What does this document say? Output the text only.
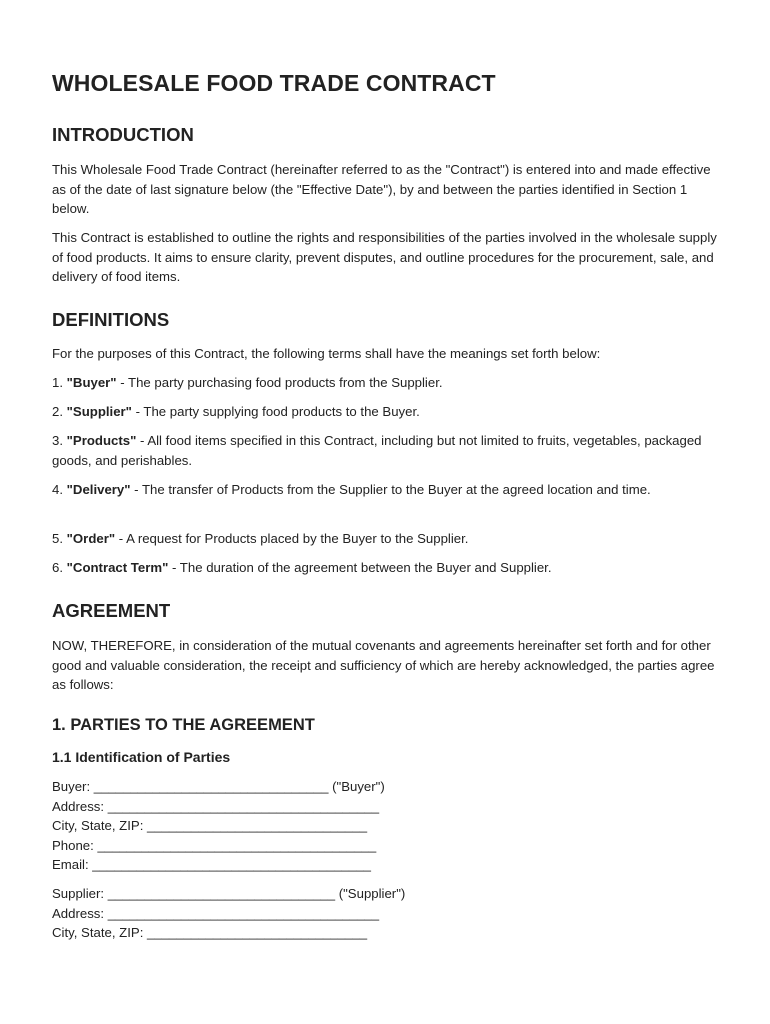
WHOLESALE FOOD TRADE CONTRACT
INTRODUCTION

This Wholesale Food Trade Contract (hereinafter referred to as the "Contract") is entered into and made effective as of the date of last signature below (the "Effective Date"), by and between the parties identified in Section 1 below.

This Contract is established to outline the rights and responsibilities of the parties involved in the wholesale supply of food products. It aims to ensure clarity, prevent disputes, and outline procedures for the procurement, sale, and delivery of food items.

DEFINITIONS

For the purposes of this Contract, the following terms shall have the meanings set forth below:

1. "Buyer" - The party purchasing food products from the Supplier.

2. "Supplier" - The party supplying food products to the Buyer.

3. "Products" - All food items specified in this Contract, including but not limited to fruits, vegetables, packaged goods, and perishables.

4. "Delivery" - The transfer of Products from the Supplier to the Buyer at the agreed location and time.

5. "Order" - A request for Products placed by the Buyer to the Supplier.

6. "Contract Term" - The duration of the agreement between the Buyer and Supplier.

AGREEMENT

NOW, THEREFORE, in consideration of the mutual covenants and agreements hereinafter set forth and for other good and valuable consideration, the receipt and sufficiency of which are hereby acknowledged, the parties agree as follows:

1. PARTIES TO THE AGREEMENT
1.1 Identification of Parties

Buyer: ________________________________ ("Buyer")

Address: _____________________________________

City, State, ZIP: ______________________________

Phone: ______________________________________

Email: ______________________________________

Supplier: _______________________________ ("Supplier")

Address: _____________________________________

City, State, ZIP: ______________________________
